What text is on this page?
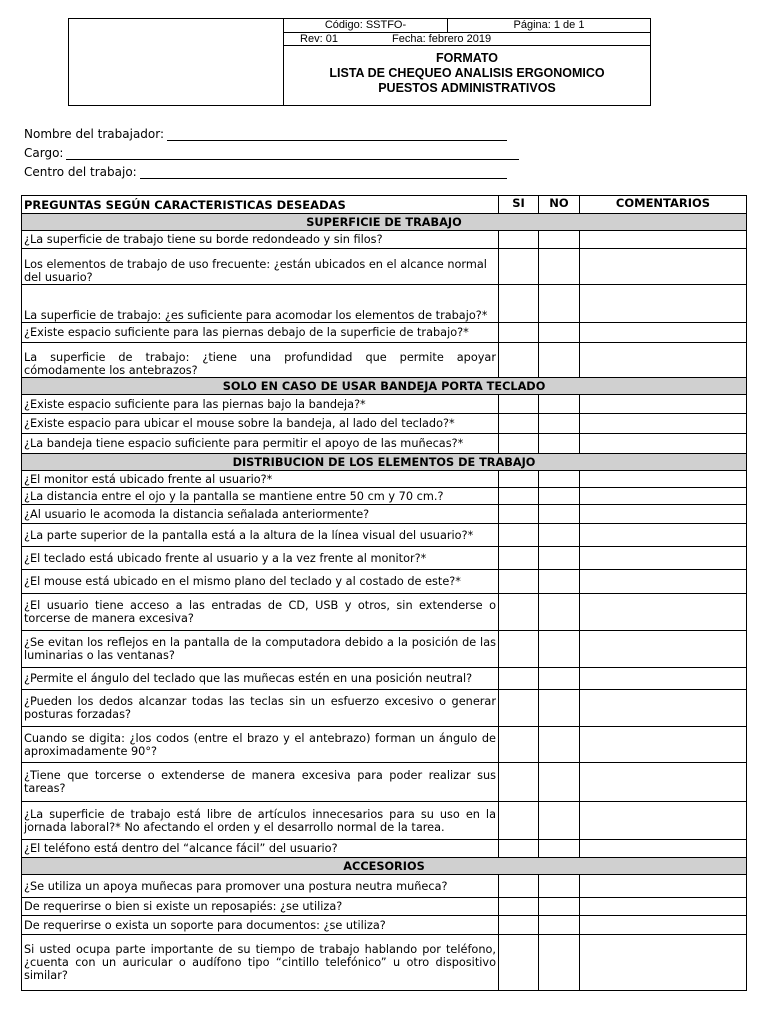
Código: SSTFO-	Página: 1 de 1
Rev: 01	Fecha: febrero 2019
FORMATO
LISTA DE CHEQUEO ANALISIS ERGONOMICO
PUESTOS ADMINISTRATIVOS
Nombre del trabajador:
Cargo:
Centro del trabajo:
PREGUNTAS SEGÚN CARACTERISTICAS DESEADAS	SI	NO	COMENTARIOS
SUPERFICIE DE TRABAJO			
¿La superficie de trabajo tiene su borde redondeado y sin filos?			
Los elementos de trabajo de uso frecuente: ¿están ubicados en el alcance normal del usuario?			
La superficie de trabajo: ¿es suficiente para acomodar los elementos de trabajo?*			
¿Existe espacio suficiente para las piernas debajo de la superficie de trabajo?*			
La superficie de trabajo: ¿tiene una profundidad que permite apoyar cómodamente los antebrazos?			
SOLO EN CASO DE USAR BANDEJA PORTA TECLADO			
¿Existe espacio suficiente para las piernas bajo la bandeja?*			
¿Existe espacio para ubicar el mouse sobre la bandeja, al lado del teclado?*			
¿La bandeja tiene espacio suficiente para permitir el apoyo de las muñecas?*			
DISTRIBUCION DE LOS ELEMENTOS DE TRABAJO			
¿El monitor está ubicado frente al usuario?*			
¿La distancia entre el ojo y la pantalla se mantiene entre 50 cm y 70 cm.?			
¿Al usuario le acomoda la distancia señalada anteriormente?			
¿La parte superior de la pantalla está a la altura de la línea visual del usuario?*			
¿El teclado está ubicado frente al usuario y a la vez frente al monitor?*			
¿El mouse está ubicado en el mismo plano del teclado y al costado de este?*			
¿El usuario tiene acceso a las entradas de CD, USB y otros, sin extenderse o torcerse de manera excesiva?			
¿Se evitan los reflejos en la pantalla de la computadora debido a la posición de las luminarias o las ventanas?			
¿Permite el ángulo del teclado que las muñecas estén en una posición neutral?			
¿Pueden los dedos alcanzar todas las teclas sin un esfuerzo excesivo o generar posturas forzadas?			
Cuando se digita: ¿los codos (entre el brazo y el antebrazo) forman un ángulo de aproximadamente 90°?			
¿Tiene que torcerse o extenderse de manera excesiva para poder realizar sus tareas?			
¿La superficie de trabajo está libre de artículos innecesarios para su uso en la jornada laboral?* No afectando el orden y el desarrollo normal de la tarea.			
¿El teléfono está dentro del “alcance fácil” del usuario?			
ACCESORIOS			
¿Se utiliza un apoya muñecas para promover una postura neutra muñeca?			
De requerirse o bien si existe un reposapiés: ¿se utiliza?			
De requerirse o exista un soporte para documentos: ¿se utiliza?			
Si usted ocupa parte importante de su tiempo de trabajo hablando por teléfono, ¿cuenta con un auricular o audífono tipo “cintillo telefónico” u otro dispositivo similar?			
